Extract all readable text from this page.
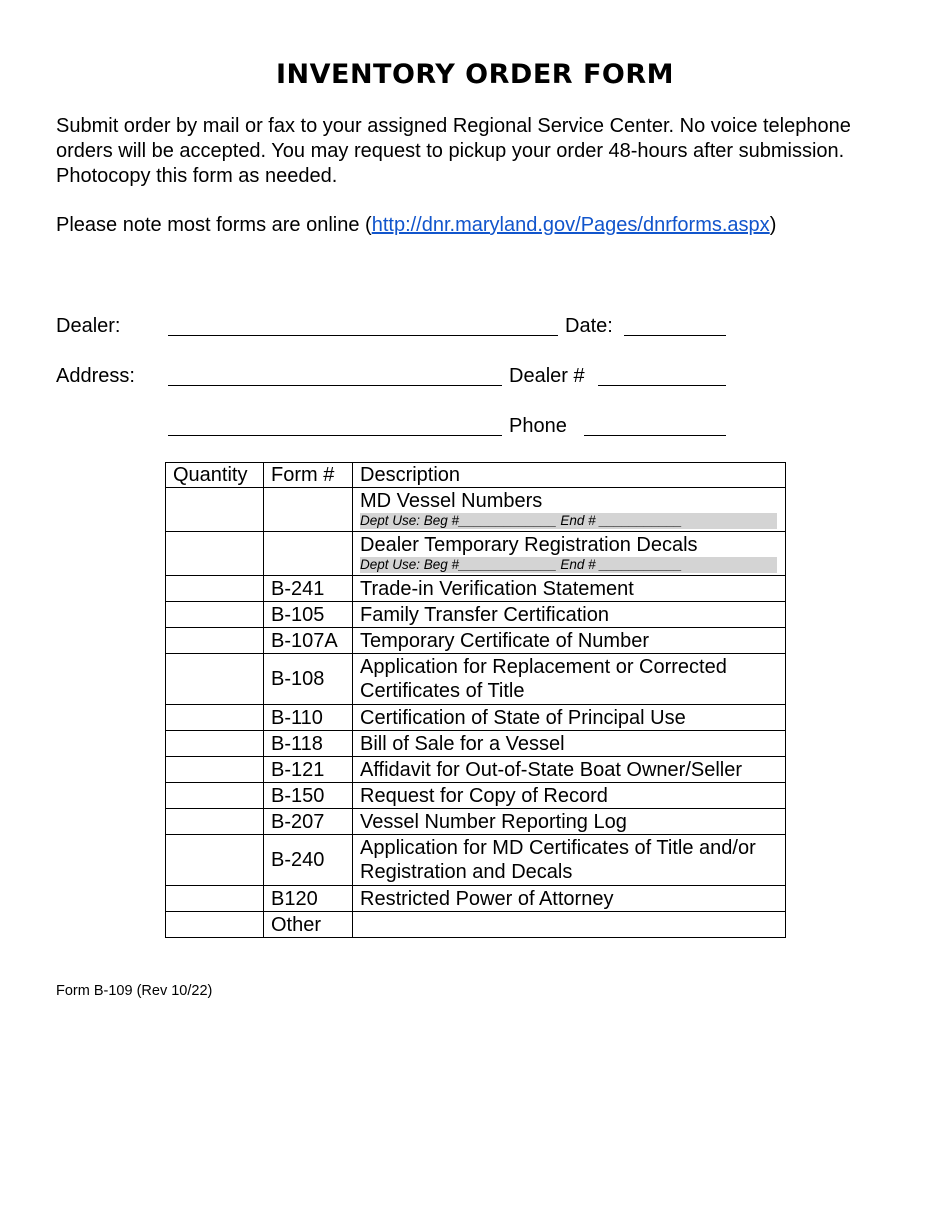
INVENTORY ORDER FORM

Submit order by mail or fax to your assigned Regional Service Center. No voice telephone orders will be accepted. You may request to pickup your order 48-hours after submission. Photocopy this form as needed.

Please note most forms are online (http://dnr.maryland.gov/Pages/dnrforms.aspx)

Dealer:	Date:
Address:	Dealer #
Phone
Quantity	Form #	Description
		MD Vessel Numbers
Dept Use: Beg #_____________ End # ___________

		Dealer Temporary Registration Decals
Dept Use: Beg #_____________ End # ___________

	B-241	Trade-in Verification Statement
	B-105	Family Transfer Certification
	B-107A	Temporary Certificate of Number
	B-108	Application for Replacement or Corrected Certificates of Title
	B-110	Certification of State of Principal Use
	B-118	Bill of Sale for a Vessel
	B-121	Affidavit for Out-of-State Boat Owner/Seller
	B-150	Request for Copy of Record
	B-207	Vessel Number Reporting Log
	B-240	Application for MD Certificates of Title and/or Registration and Decals
	B120	Restricted Power of Attorney
	Other	
Form B-109 (Rev 10/22)
